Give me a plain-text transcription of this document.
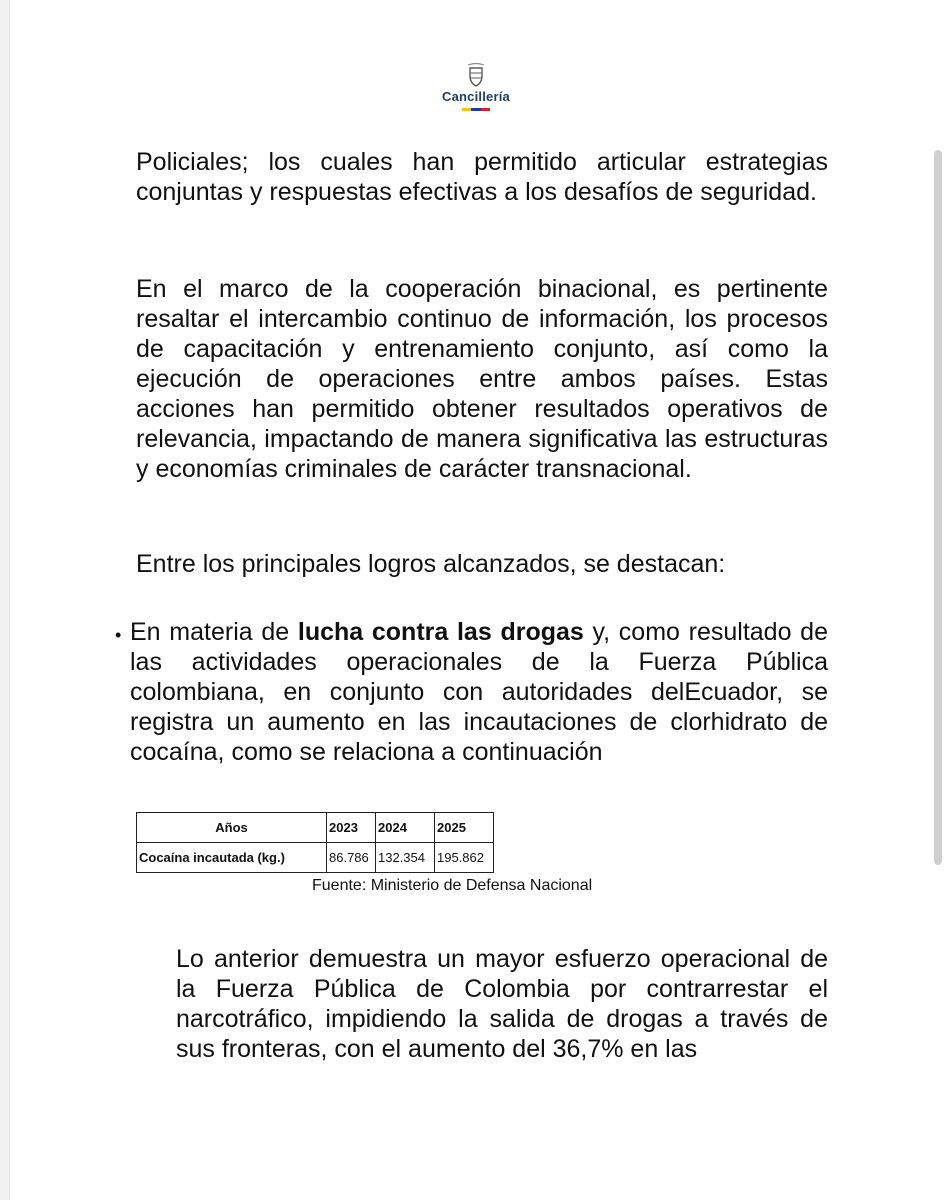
Cancillería

Policiales; los cuales han permitido articular estrategias conjuntas y respuestas efectivas a los desafíos de seguridad.

En el marco de la cooperación binacional, es pertinente resaltar el intercambio continuo de información, los procesos de capacitación y entrenamiento conjunto, así como la ejecución de operaciones entre ambos países. Estas acciones han permitido obtener resultados operativos de relevancia, impactando de manera significativa las estructuras y economías criminales de carácter transnacional.

Entre los principales logros alcanzados, se destacan:

• En materia de lucha contra las drogas y, como resultado de las actividades operacionales de la Fuerza Pública colombiana, en conjunto con autoridades delEcuador, se registra un aumento en las incautaciones de clorhidrato de cocaína, como se relaciona a continuación

Años	2023	2024	2025
Cocaína incautada (kg.)	86.786	132.354	195.862
Fuente: Ministerio de Defensa Nacional

Lo anterior demuestra un mayor esfuerzo operacional de la Fuerza Pública de Colombia por contrarrestar el narcotráfico, impidiendo la salida de drogas a través de sus fronteras, con el aumento del 36,7% en las
